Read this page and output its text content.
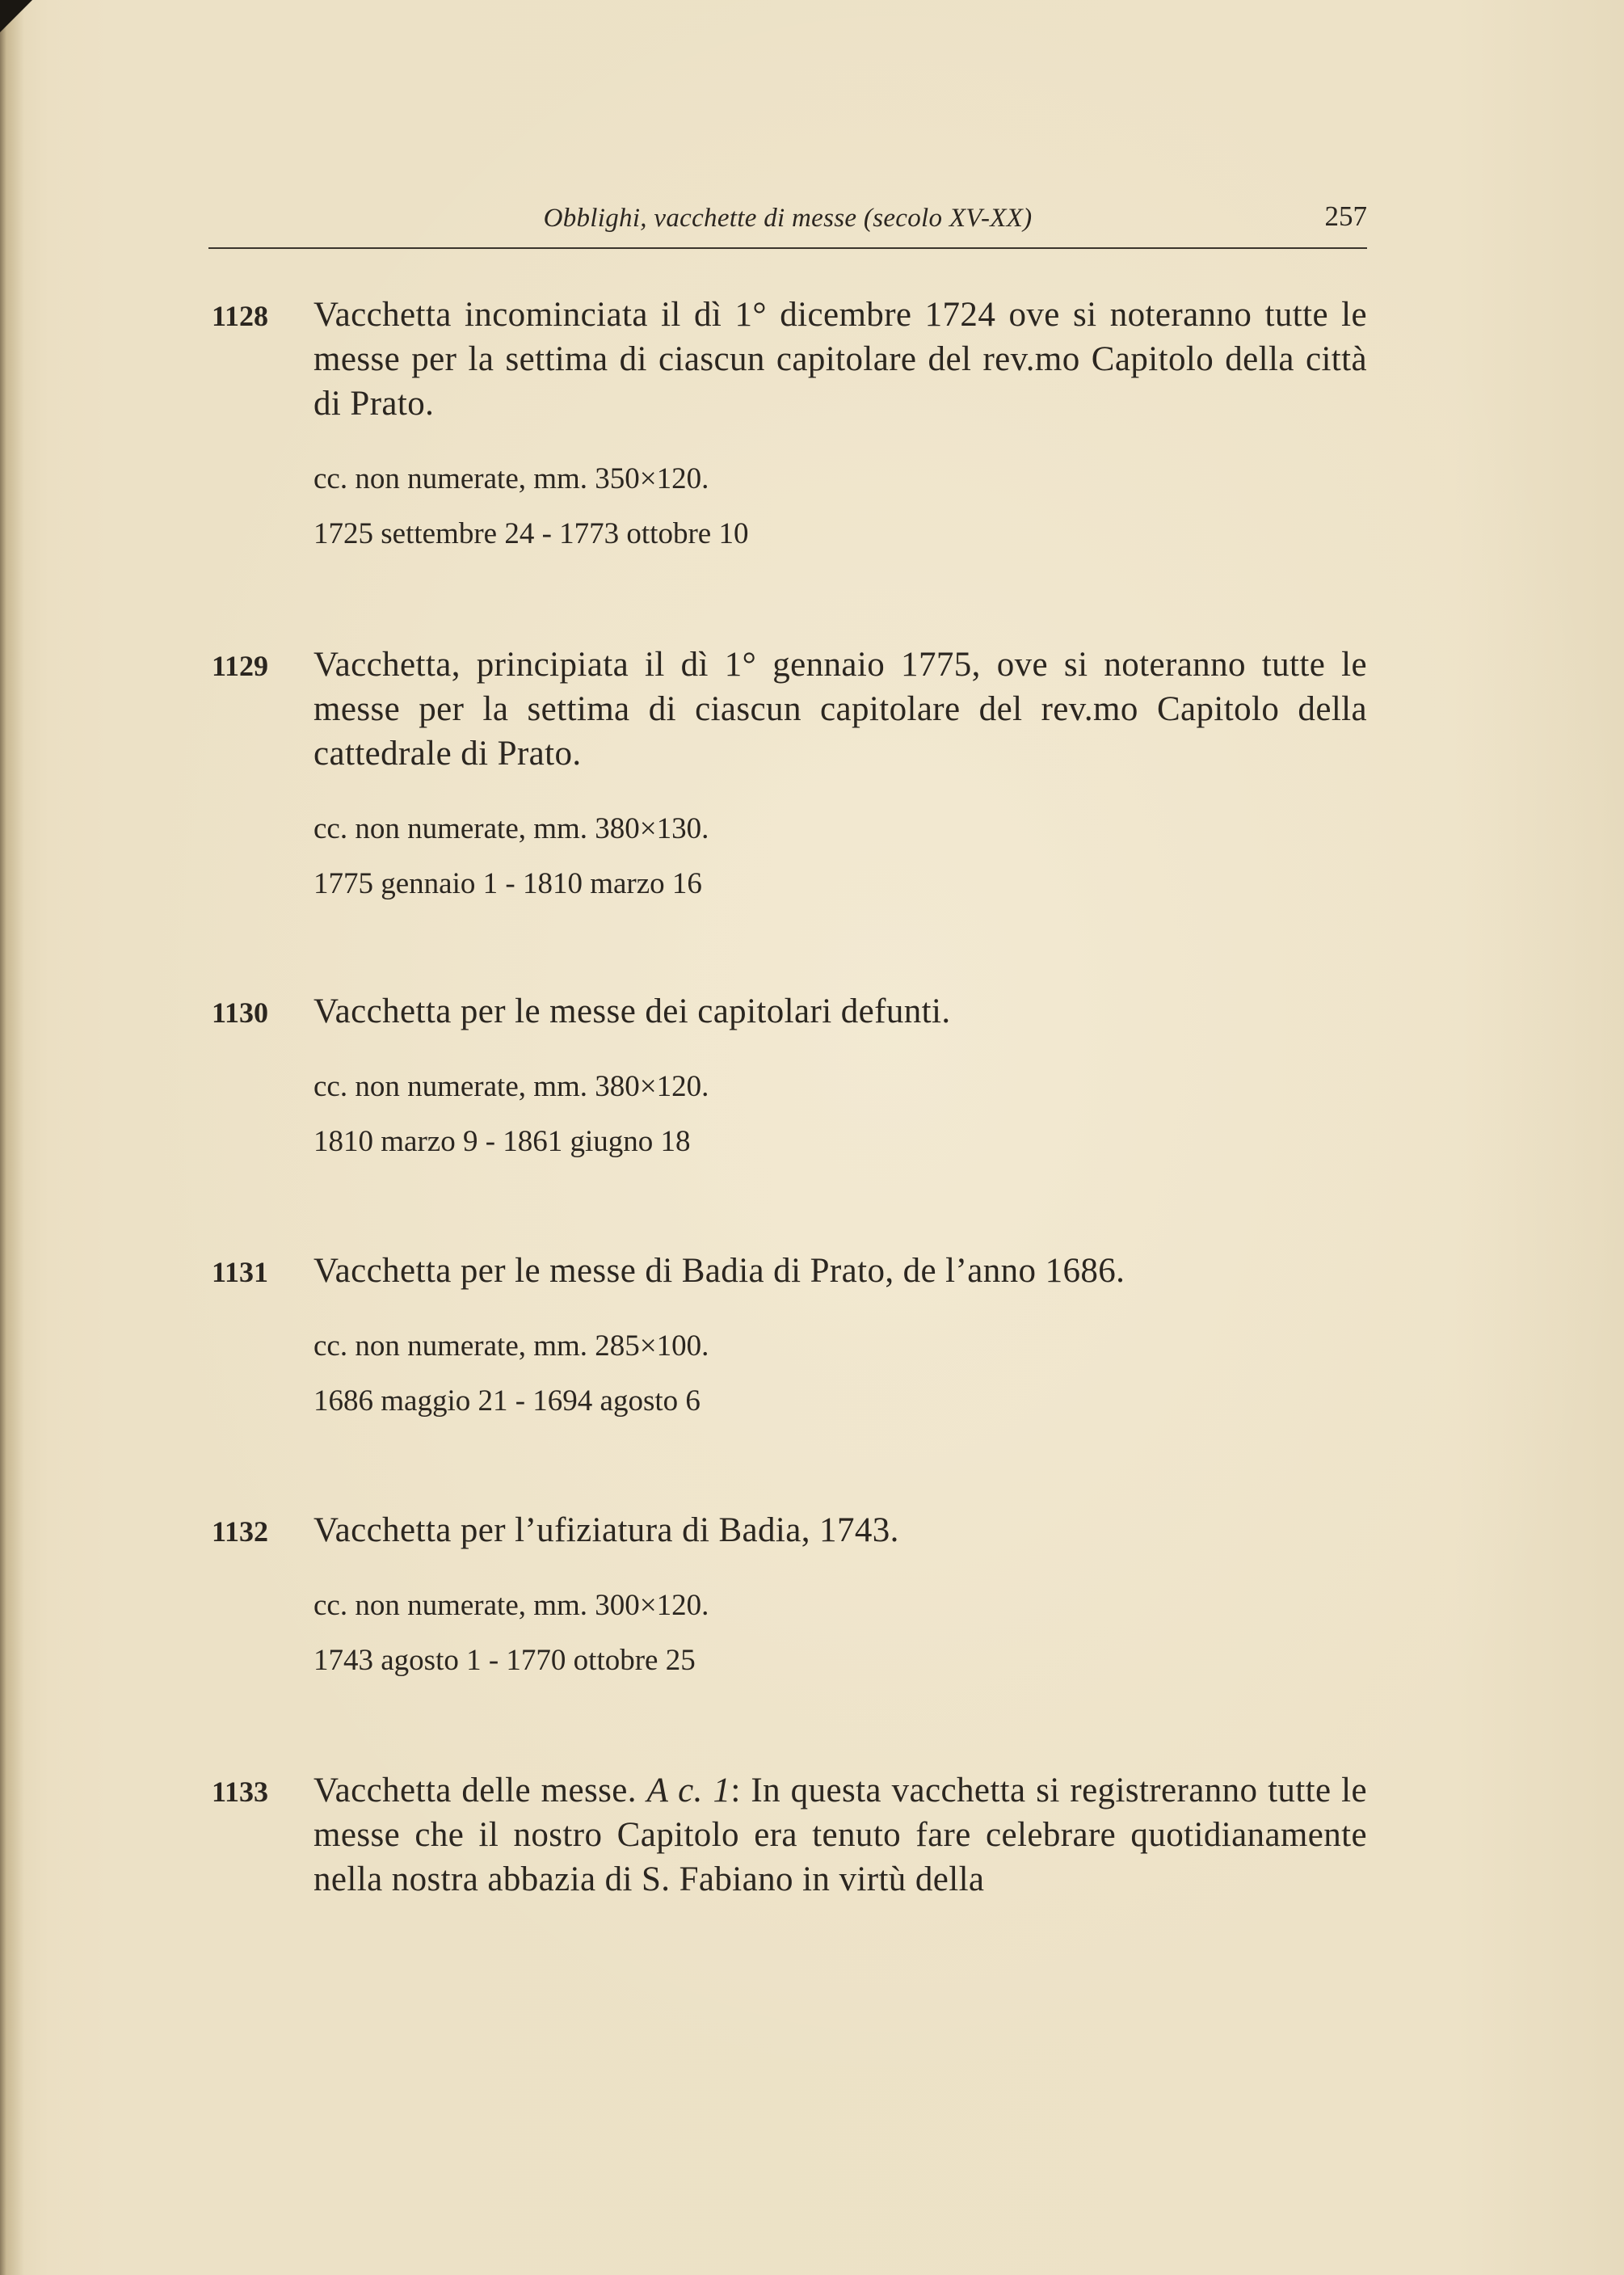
Obblighi, vacchette di messe (secolo XV-XX)	257
1128 Vacchetta incominciata il dì 1° dicembre 1724 ove si noteranno tutte le messe per la settima di ciascun capitolare del rev.mo Capitolo della città di Prato.
cc. non numerate, mm. 350×120.
1725 settembre 24 - 1773 ottobre 10
1129 Vacchetta, principiata il dì 1° gennaio 1775, ove si noteranno tutte le messe per la settima di ciascun capitolare del rev.mo Capitolo della cattedrale di Prato.
cc. non numerate, mm. 380×130.
1775 gennaio 1 - 1810 marzo 16
1130 Vacchetta per le messe dei capitolari defunti.
cc. non numerate, mm. 380×120.
1810 marzo 9 - 1861 giugno 18
1131 Vacchetta per le messe di Badia di Prato, de l’anno 1686.
cc. non numerate, mm. 285×100.
1686 maggio 21 - 1694 agosto 6
1132 Vacchetta per l’ufiziatura di Badia, 1743.
cc. non numerate, mm. 300×120.
1743 agosto 1 - 1770 ottobre 25
1133 Vacchetta delle messe. A c. 1: In questa vacchetta si registreranno tutte le messe che il nostro Capitolo era tenuto fare celebrare quotidianamente nella nostra abbazia di S. Fabiano in virtù della
